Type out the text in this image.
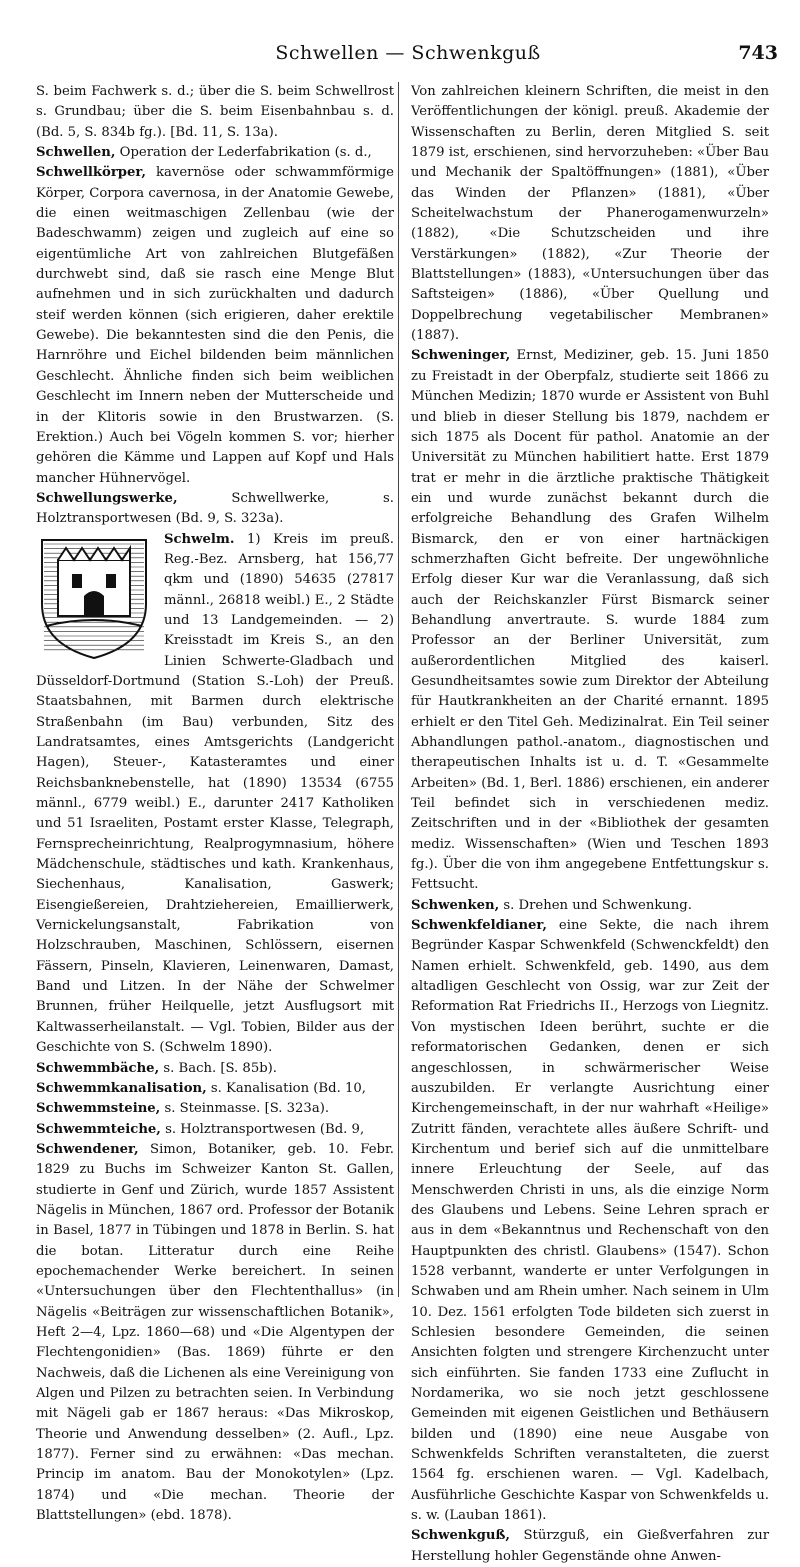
Schwellen — Schwenkguß	743

S. beim Fachwerk s. d.; über die S. beim Schwellrost s. Grundbau; über die S. beim Eisenbahnbau s. d. (Bd. 5, S. 834b fg.). [Bd. 11, S. 13a).

Schwellen, Operation der Lederfabrikation (s. d.,

Schwellkörper, kavernöse oder schwammförmige Körper, Corpora cavernosa, in der Anatomie Gewebe, die einen weitmaschigen Zellenbau (wie der Badeschwamm) zeigen und zugleich auf eine so eigentümliche Art von zahlreichen Blutgefäßen durchwebt sind, daß sie rasch eine Menge Blut aufnehmen und in sich zurückhalten und dadurch steif werden können (sich erigieren, daher erektile Gewebe). Die bekanntesten sind die den Penis, die Harnröhre und Eichel bildenden beim männlichen Geschlecht. Ähnliche finden sich beim weiblichen Geschlecht im Innern neben der Mutterscheide und in der Klitoris sowie in den Brustwarzen. (S. Erektion.) Auch bei Vögeln kommen S. vor; hierher gehören die Kämme und Lappen auf Kopf und Hals mancher Hühnervögel.

Schwellungswerke, Schwellwerke, s. Holztransportwesen (Bd. 9, S. 323a).

Schwelm.
1) Kreis im preuß. Reg.-Bez. Arnsberg, hat 156,77 qkm und (1890) 54635 (27817 männl., 26818 weibl.) E., 2 Städte und 13 Landgemeinden. — 2) Kreisstadt im Kreis S., an den Linien Schwerte-Gladbach und Düsseldorf-Dortmund (Station S.-Loh) der Preuß. Staatsbahnen, mit Barmen durch elektrische Straßenbahn (im Bau) verbunden, Sitz des Landratsamtes, eines Amtsgerichts (Landgericht Hagen), Steuer-, Katasteramtes und einer Reichsbanknebenstelle, hat (1890) 13534 (6755 männl., 6779 weibl.) E., darunter 2417 Katholiken und 51 Israeliten, Postamt erster Klasse, Telegraph, Fernsprecheinrichtung, Realprogymnasium, höhere Mädchenschule, städtisches und kath. Krankenhaus, Siechenhaus, Kanalisation, Gaswerk; Eisengießereien, Drahtziehereien, Emaillierwerk, Vernickelungsanstalt, Fabrikation von Holzschrauben, Maschinen, Schlössern, eisernen Fässern, Pinseln, Klavieren, Leinenwaren, Damast, Band und Litzen. In der Nähe der Schwelmer Brunnen, früher Heilquelle, jetzt Ausflugsort mit Kaltwasserheilanstalt. — Vgl. Tobien, Bilder aus der Geschichte von S. (Schwelm 1890).

Schwemmbäche, s. Bach. [S. 85b).

Schwemmkanalisation, s. Kanalisation (Bd. 10,

Schwemmsteine, s. Steinmasse. [S. 323a).

Schwemmteiche, s. Holztransportwesen (Bd. 9,

Schwendener, Simon, Botaniker, geb. 10. Febr. 1829 zu Buchs im Schweizer Kanton St. Gallen, studierte in Genf und Zürich, wurde 1857 Assistent Nägelis in München, 1867 ord. Professor der Botanik in Basel, 1877 in Tübingen und 1878 in Berlin. S. hat die botan. Litteratur durch eine Reihe epochemachender Werke bereichert. In seinen «Untersuchungen über den Flechtenthallus» (in Nägelis «Beiträgen zur wissenschaftlichen Botanik», Heft 2—4, Lpz. 1860—68) und «Die Algentypen der Flechtengonidien» (Bas. 1869) führte er den Nachweis, daß die Lichenen als eine Vereinigung von Algen und Pilzen zu betrachten seien. In Verbindung mit Nägeli gab er 1867 heraus: «Das Mikroskop, Theorie und Anwendung desselben» (2. Aufl., Lpz. 1877). Ferner sind zu erwähnen: «Das mechan. Princip im anatom. Bau der Monokotylen» (Lpz. 1874) und «Die mechan. Theorie der Blattstellungen» (ebd. 1878).

Von zahlreichen kleinern Schriften, die meist in den Veröffentlichungen der königl. preuß. Akademie der Wissenschaften zu Berlin, deren Mitglied S. seit 1879 ist, erschienen, sind hervorzuheben: «Über Bau und Mechanik der Spaltöffnungen» (1881), «Über das Winden der Pflanzen» (1881), «Über Scheitelwachstum der Phanerogamenwurzeln» (1882), «Die Schutzscheiden und ihre Verstärkungen» (1882), «Zur Theorie der Blattstellungen» (1883), «Untersuchungen über das Saftsteigen» (1886), «Über Quellung und Doppelbrechung vegetabilischer Membranen» (1887).

Schweninger, Ernst, Mediziner, geb. 15. Juni 1850 zu Freistadt in der Oberpfalz, studierte seit 1866 zu München Medizin; 1870 wurde er Assistent von Buhl und blieb in dieser Stellung bis 1879, nachdem er sich 1875 als Docent für pathol. Anatomie an der Universität zu München habilitiert hatte. Erst 1879 trat er mehr in die ärztliche praktische Thätigkeit ein und wurde zunächst bekannt durch die erfolgreiche Behandlung des Grafen Wilhelm Bismarck, den er von einer hartnäckigen schmerzhaften Gicht befreite. Der ungewöhnliche Erfolg dieser Kur war die Veranlassung, daß sich auch der Reichskanzler Fürst Bismarck seiner Behandlung anvertraute. S. wurde 1884 zum Professor an der Berliner Universität, zum außerordentlichen Mitglied des kaiserl. Gesundheitsamtes sowie zum Direktor der Abteilung für Hautkrankheiten an der Charité ernannt. 1895 erhielt er den Titel Geh. Medizinalrat. Ein Teil seiner Abhandlungen pathol.-anatom., diagnostischen und therapeutischen Inhalts ist u. d. T. «Gesammelte Arbeiten» (Bd. 1, Berl. 1886) erschienen, ein anderer Teil befindet sich in verschiedenen mediz. Zeitschriften und in der «Bibliothek der gesamten mediz. Wissenschaften» (Wien und Teschen 1893 fg.). Über die von ihm angegebene Entfettungskur s. Fettsucht.

Schwenken, s. Drehen und Schwenkung.

Schwenkfeldianer, eine Sekte, die nach ihrem Begründer Kaspar Schwenkfeld (Schwenckfeldt) den Namen erhielt. Schwenkfeld, geb. 1490, aus dem altadligen Geschlecht von Ossig, war zur Zeit der Reformation Rat Friedrichs II., Herzogs von Liegnitz. Von mystischen Ideen berührt, suchte er die reformatorischen Gedanken, denen er sich angeschlossen, in schwärmerischer Weise auszubilden. Er verlangte Ausrichtung einer Kirchengemeinschaft, in der nur wahrhaft «Heilige» Zutritt fänden, verachtete alles äußere Schrift- und Kirchentum und berief sich auf die unmittelbare innere Erleuchtung der Seele, auf das Menschwerden Christi in uns, als die einzige Norm des Glaubens und Lebens. Seine Lehren sprach er aus in dem «Bekanntnus und Rechenschaft von den Hauptpunkten des christl. Glaubens» (1547). Schon 1528 verbannt, wanderte er unter Verfolgungen in Schwaben und am Rhein umher. Nach seinem in Ulm 10. Dez. 1561 erfolgten Tode bildeten sich zuerst in Schlesien besondere Gemeinden, die seinen Ansichten folgten und strengere Kirchenzucht unter sich einführten. Sie fanden 1733 eine Zuflucht in Nordamerika, wo sie noch jetzt geschlossene Gemeinden mit eigenen Geistlichen und Bethäusern bilden und (1890) eine neue Ausgabe von Schwenkfelds Schriften veranstalteten, die zuerst 1564 fg. erschienen waren. — Vgl. Kadelbach, Ausführliche Geschichte Kaspar von Schwenkfelds u. s. w. (Lauban 1861).

Schwenkguß, Stürzguß, ein Gießverfahren zur Herstellung hohler Gegenstände ohne Anwen-
